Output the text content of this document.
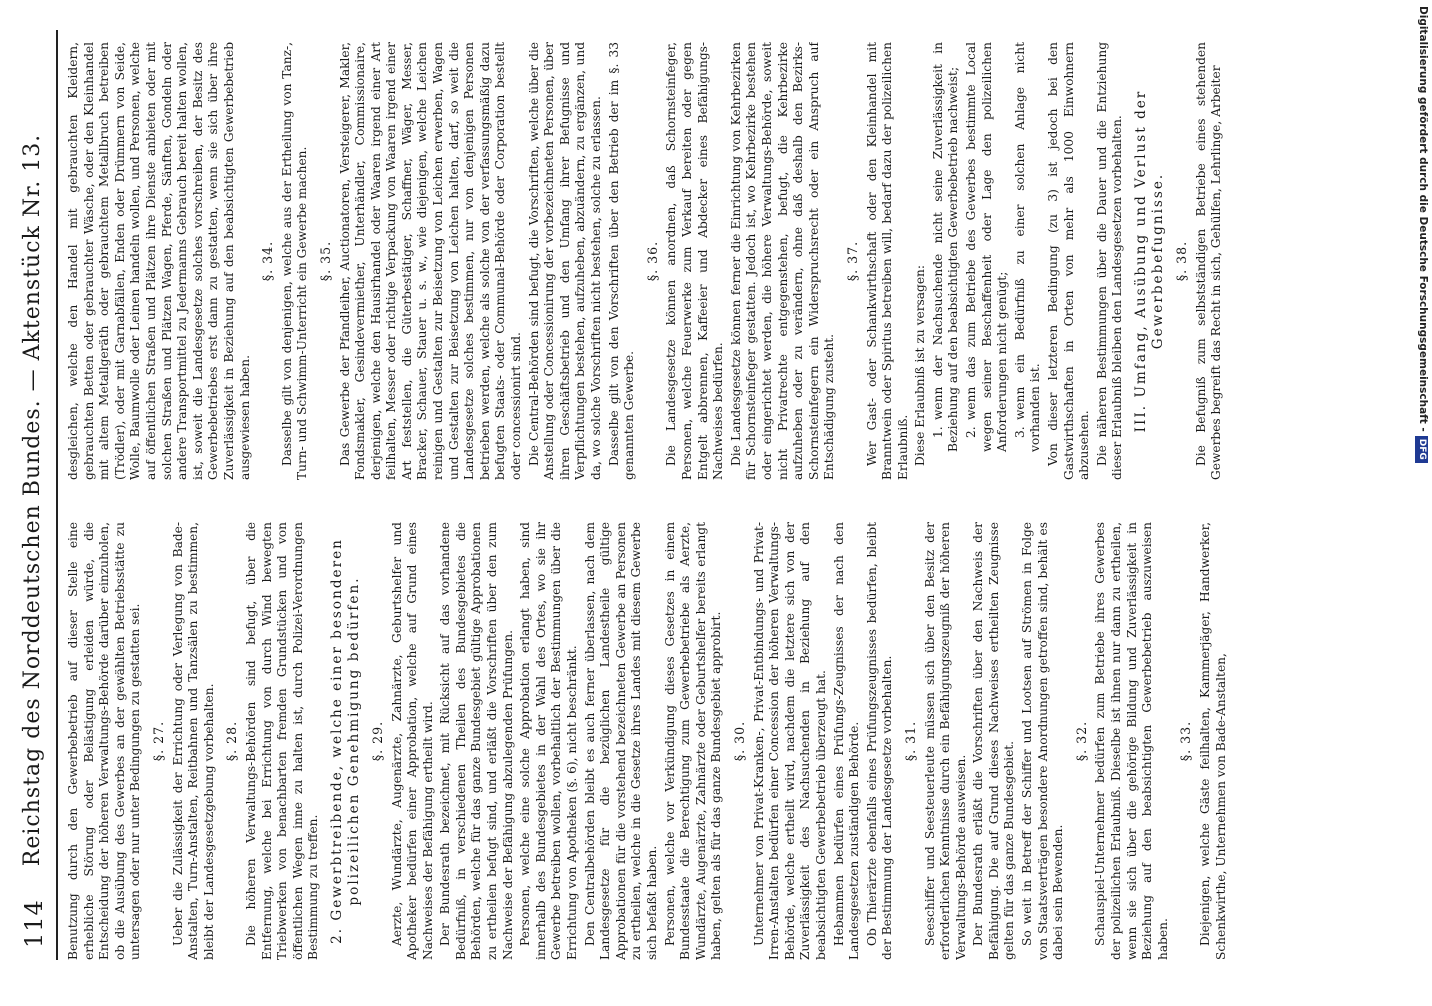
114
Reichstag des Norddeutschen Bundes. — Aktenstück Nr. 13. Benutzung durch den Gewerbebetrieb auf dieser Stelle eine erhebliche Störung oder Belästigung erleiden würde, die Entscheidung der höheren Verwaltungs-Behörde darüber einzuholen, ob die Ausübung des Gewerbes an der gewählten Betriebsstätte zu untersagen oder nur unter Bedingungen zu gestatten sei. §. 27. Ueber die Zulässigkeit der Errichtung oder Verlegung von Bade-Anstalten, Turn-Anstalten, Reitbahnen und Tanzsälen zu bestimmen, bleibt der Landesgesetzgebung vorbehalten. §. 28. Die höheren Verwaltungs-Behörden sind befugt, über die Entfernung, welche bei Errichtung von durch Wind bewegten Triebwerken von benachbarten fremden Grundstücken und von öffentlichen Wegen inne zu halten ist, durch Polizei-Verordnungen Bestimmung zu treffen. 2. Gewerbtreibende, welche einer besonderen polizeilichen Genehmigung bedürfen. §. 29. Aerzte, Wundärzte, Augenärzte, Zahnärzte, Geburtshelfer und Apotheker bedürfen einer Approbation, welche auf Grund eines Nachweises der Befähigung ertheilt wird. Der Bundesrath bezeichnet, mit Rücksicht auf das vorhandene Bedürfniß, in verschiedenen Theilen des Bundesgebietes die Behörden, welche für das ganze Bundesgebiet gültige Approbationen zu ertheilen befugt sind, und erläßt die Vorschriften über den zum Nachweise der Befähigung abzulegenden Prüfungen. Personen, welche eine solche Approbation erlangt haben, sind innerhalb des Bundesgebietes in der Wahl des Ortes, wo sie ihr Gewerbe betreiben wollen, vorbehaltlich der Bestimmungen über die Errichtung von Apotheken (§. 6), nicht beschränkt. Den Centralbehörden bleibt es auch ferner überlassen, nach dem Landesgesetze für die bezüglichen Landestheile gültige Approbationen für die vorstehend bezeichneten Gewerbe an Personen zu ertheilen, welche in die Gesetze ihres Landes mit diesem Gewerbe sich befaßt haben. Personen, welche vor Verkündigung dieses Gesetzes in einem Bundesstaate die Berechtigung zum Gewerbebetriebe als Aerzte, Wundärzte, Augenärzte, Zahnärzte oder Geburtshelfer bereits erlangt haben, gelten als für das ganze Bundesgebiet approbirt. §. 30. Unternehmer von Privat-Kranken-, Privat-Entbindungs- und Privat-Irren-Anstalten bedürfen einer Concession der höheren Verwaltungs-Behörde, welche ertheilt wird, nachdem die letztere sich von der Zuverlässigkeit des Nachsuchenden in Beziehung auf den beabsichtigten Gewerbebetrieb überzeugt hat. Hebammen bedürfen eines Prüfungs-Zeugnisses der nach den Landesgesetzen zuständigen Behörde. Ob Thierärzte ebenfalls eines Prüfungszeugnisses bedürfen, bleibt der Bestimmung der Landesgesetze vorbehalten. §. 31. Seeschiffer und Seesteuerleute müssen sich über den Besitz der erforderlichen Kenntnisse durch ein Befähigungszeugniß der höheren Verwaltungs-Behörde ausweisen. Der Bundesrath erläßt die Vorschriften über den Nachweis der Befähigung. Die auf Grund dieses Nachweises ertheilten Zeugnisse gelten für das ganze Bundesgebiet. So weit in Betreff der Schiffer und Lootsen auf Strömen in Folge von Staatsverträgen besondere Anordnungen getroffen sind, behält es dabei sein Bewenden.

§. 32. Schauspiel-Unternehmer bedürfen zum Betriebe ihres Gewerbes der polizeilichen Erlaubniß. Dieselbe ist ihnen nur dann zu ertheilen, wenn sie sich über die gehörige Bildung und Zuverlässigkeit in Beziehung auf den beabsichtigten Gewerbebetrieb auszuweisen haben.

§. 33. Diejenigen, welche Gäste feilhalten, Kammerjäger, Handwerker, Schenkwirthe, Unternehmen von Bade-Anstalten,

desgleichen, welche den Handel mit gebrauchten Kleidern, gebrauchten Betten oder gebrauchter Wäsche, oder den Kleinhandel mit altem Metallgeräth oder gebrauchtem Metallbruch betreiben (Trödler), oder mit Garnabfällen, Enden oder Drümmern von Seide, Wolle, Baumwolle oder Leinen handeln wollen, und Personen, welche auf öffentlichen Straßen und Plätzen ihre Dienste anbieten oder mit solchen Straßen und Plätzen Wagen, Pferde, Sänften, Gondeln oder andere Transportmittel zu Jedermanns Gebrauch bereit halten wollen, ist, soweit die Landesgesetze solches vorschreiben, der Besitz des Gewerbebetriebes erst dann zu gestatten, wenn sie sich über ihre Zuverlässigkeit in Beziehung auf den beabsichtigten Gewerbebetrieb ausgewiesen haben.

§. 34. Dasselbe gilt von denjenigen, welche aus der Ertheilung von Tanz-, Turn- und Schwimm-Unterricht ein Gewerbe machen. §. 35. Das Gewerbe der Pfandleiher, Auctionatoren, Versteigerer, Makler, Fondsmakler, Gesindevermiether, Unterhändler, Commissionaire, derjenigen, welche den Hausirhandel oder Waaren irgend einer Art feilhalten, Messer oder richtige Verpackung von Waaren irgend einer Art feststellen, die Güterbestätiger, Schaffner, Wäger, Messer, Bracker, Schauer, Stauer u. s. w., wie diejenigen, welche Leichen reinigen und Gestalten zur Beisetzung von Leichen erwerben, Wagen und Gestalten zur Beisetzung von Leichen halten, darf, so weit die Landesgesetze solches bestimmen, nur von denjenigen Personen betrieben werden, welche als solche von der verfassungsmäßig dazu befugten Staats- oder Communal-Behörde oder Corporation bestellt oder concessionirt sind. Die Central-Behörden sind befugt, die Vorschriften, welche über die Anstellung oder Concessionirung der vorbezeichneten Personen, über ihren Geschäftsbetrieb und den Umfang ihrer Befugnisse und Verpflichtungen bestehen, aufzuheben, abzuändern, zu ergänzen, und da, wo solche Vorschriften nicht bestehen, solche zu erlassen. Dasselbe gilt von den Vorschriften über den Betrieb der im §. 33 genannten Gewerbe.

§. 36. Die Landesgesetze können anordnen, daß Schornsteinfeger, Personen, welche Feuerwerke zum Verkauf bereiten oder gegen Entgelt abbrennen, Kaffeeier und Abdecker eines Befähigungs-Nachweises bedürfen. Die Landesgesetze können ferner die Einrichtung von Kehrbezirken für Schornsteinfeger gestatten. Jedoch ist, wo Kehrbezirke bestehen oder eingerichtet werden, die höhere Verwaltungs-Behörde, soweit nicht Privatrechte entgegenstehen, befugt, die Kehrbezirke aufzuheben oder zu verändern, ohne daß deshalb den Bezirks-Schornsteinfegern ein Widerspruchsrecht oder ein Anspruch auf Entschädigung zusteht.

§. 37. Wer Gast- oder Schankwirthschaft oder den Kleinhandel mit Branntwein oder Spiritus betreiben will, bedarf dazu der polizeilichen Erlaubniß. Diese Erlaubniß ist zu versagen: 1.wenn der Nachsuchende nicht seine Zuverlässigkeit in Beziehung auf den beabsichtigten Gewerbebetrieb nachweist; 2.wenn das zum Betriebe des Gewerbes bestimmte Local wegen seiner Beschaffenheit oder Lage den polizeilichen Anforderungen nicht genügt; 3.wenn ein Bedürfniß zu einer solchen Anlage nicht vorhanden ist. Von dieser letzteren Bedingung (zu 3) ist jedoch bei den Gastwirthschaften in Orten von mehr als 1000 Einwohnern abzusehen. Die näheren Bestimmungen über die Dauer und die Entziehung dieser Erlaubniß bleiben den Landesgesetzen vorbehalten. III. Umfang, Ausübung und Verlust der Gewerbebefugnisse. §. 38. Die Befugniß zum selbstständigen Betriebe eines stehenden Gewerbes begreift das Recht in sich, Gehülfen, Lehrlinge, Arbeiter	Digitalisierung gefördert durch die Deutsche Forschungsgemeinschaft -DFG
